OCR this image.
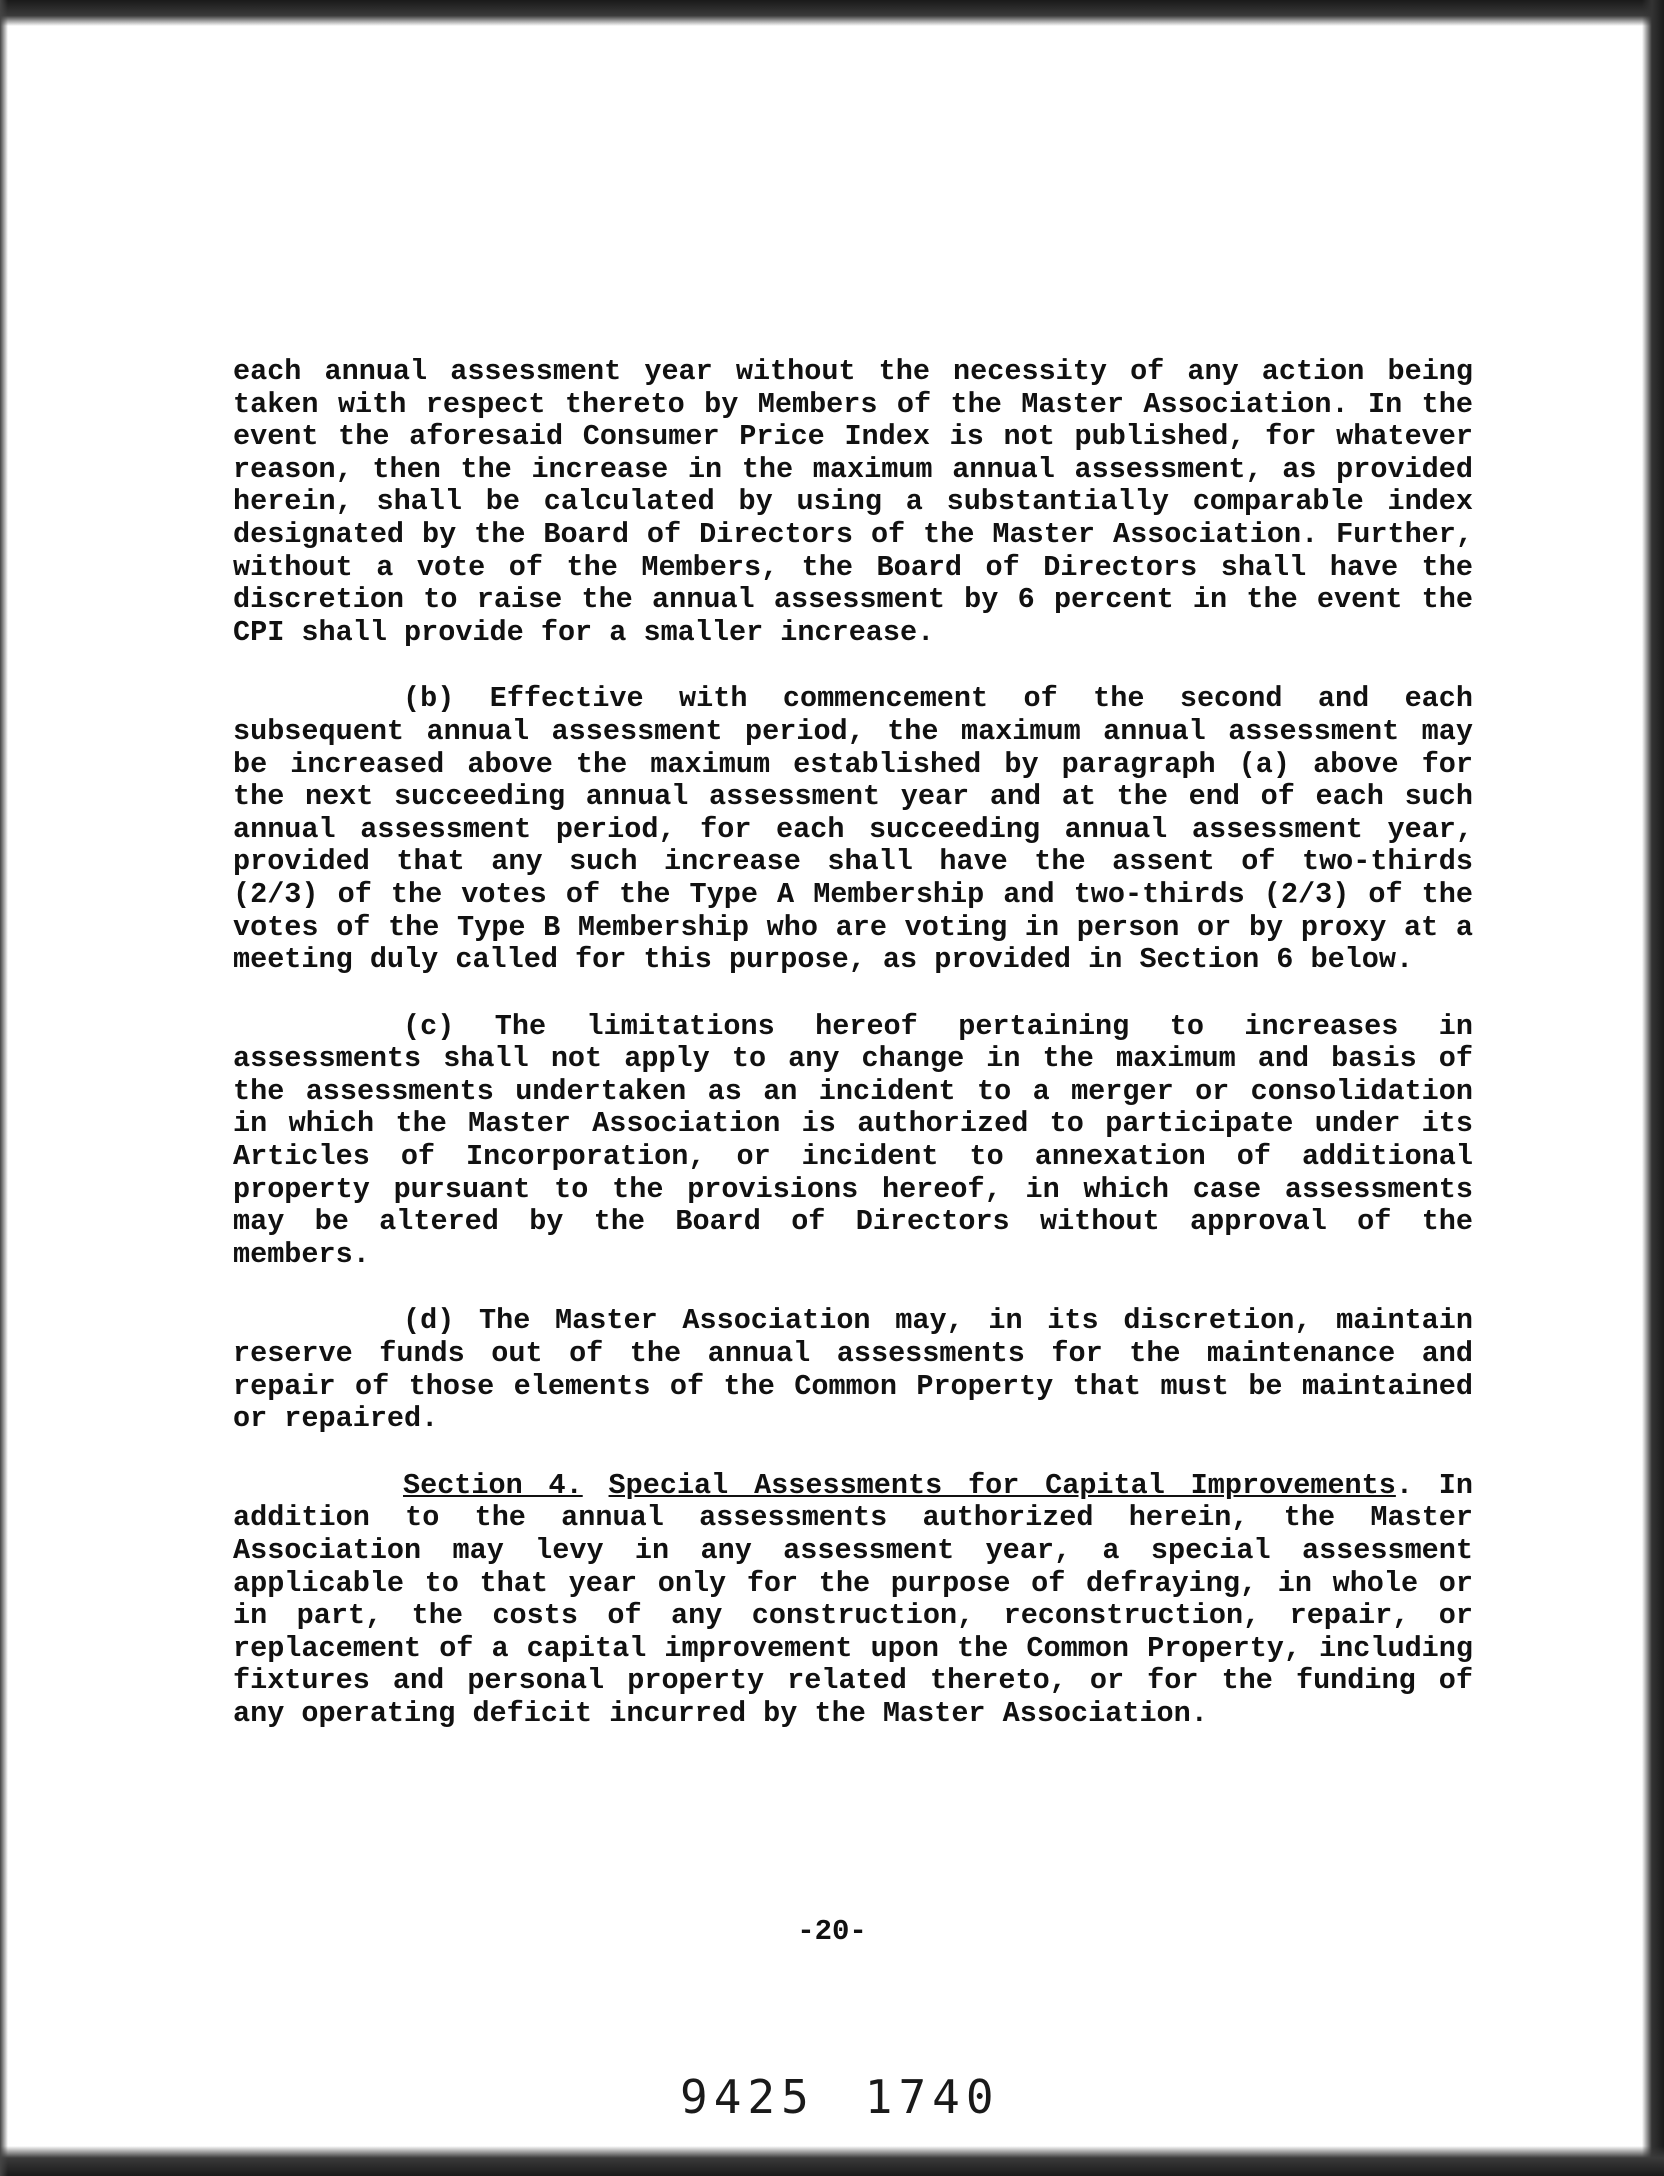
each annual assessment year without the necessity of any action being taken with respect thereto by Members of the Master Association. In the event the aforesaid Consumer Price Index is not published, for whatever reason, then the increase in the maximum annual assessment, as provided herein, shall be calculated by using a substantially comparable index designated by the Board of Directors of the Master Association. Further, without a vote of the Members, the Board of Directors shall have the discretion to raise the annual assessment by 6 percent in the event the CPI shall provide for a smaller increase.

(b) Effective with commencement of the second and each subsequent annual assessment period, the maximum annual assessment may be increased above the maximum established by paragraph (a) above for the next succeeding annual assessment year and at the end of each such annual assessment period, for each succeeding annual assessment year, provided that any such increase shall have the assent of two-thirds (2/3) of the votes of the Type A Membership and two-thirds (2/3) of the votes of the Type B Membership who are voting in person or by proxy at a meeting duly called for this purpose, as provided in Section 6 below.

(c) The limitations hereof pertaining to increases in assessments shall not apply to any change in the maximum and basis of the assessments undertaken as an incident to a merger or consolidation in which the Master Association is authorized to participate under its Articles of Incorporation, or incident to annexation of additional property pursuant to the provisions hereof, in which case assessments may be altered by the Board of Directors without approval of the members.

(d) The Master Association may, in its discretion, maintain reserve funds out of the annual assessments for the maintenance and repair of those elements of the Common Property that must be maintained or repaired.

Section 4. Special Assessments for Capital Improvements. In addition to the annual assessments authorized herein, the Master Association may levy in any assessment year, a special assessment applicable to that year only for the purpose of defraying, in whole or in part, the costs of any construction, reconstruction, repair, or replacement of a capital improvement upon the Common Property, including fixtures and personal property related thereto, or for the funding of any operating deficit incurred by the Master Association.

-20-
9425 1740
